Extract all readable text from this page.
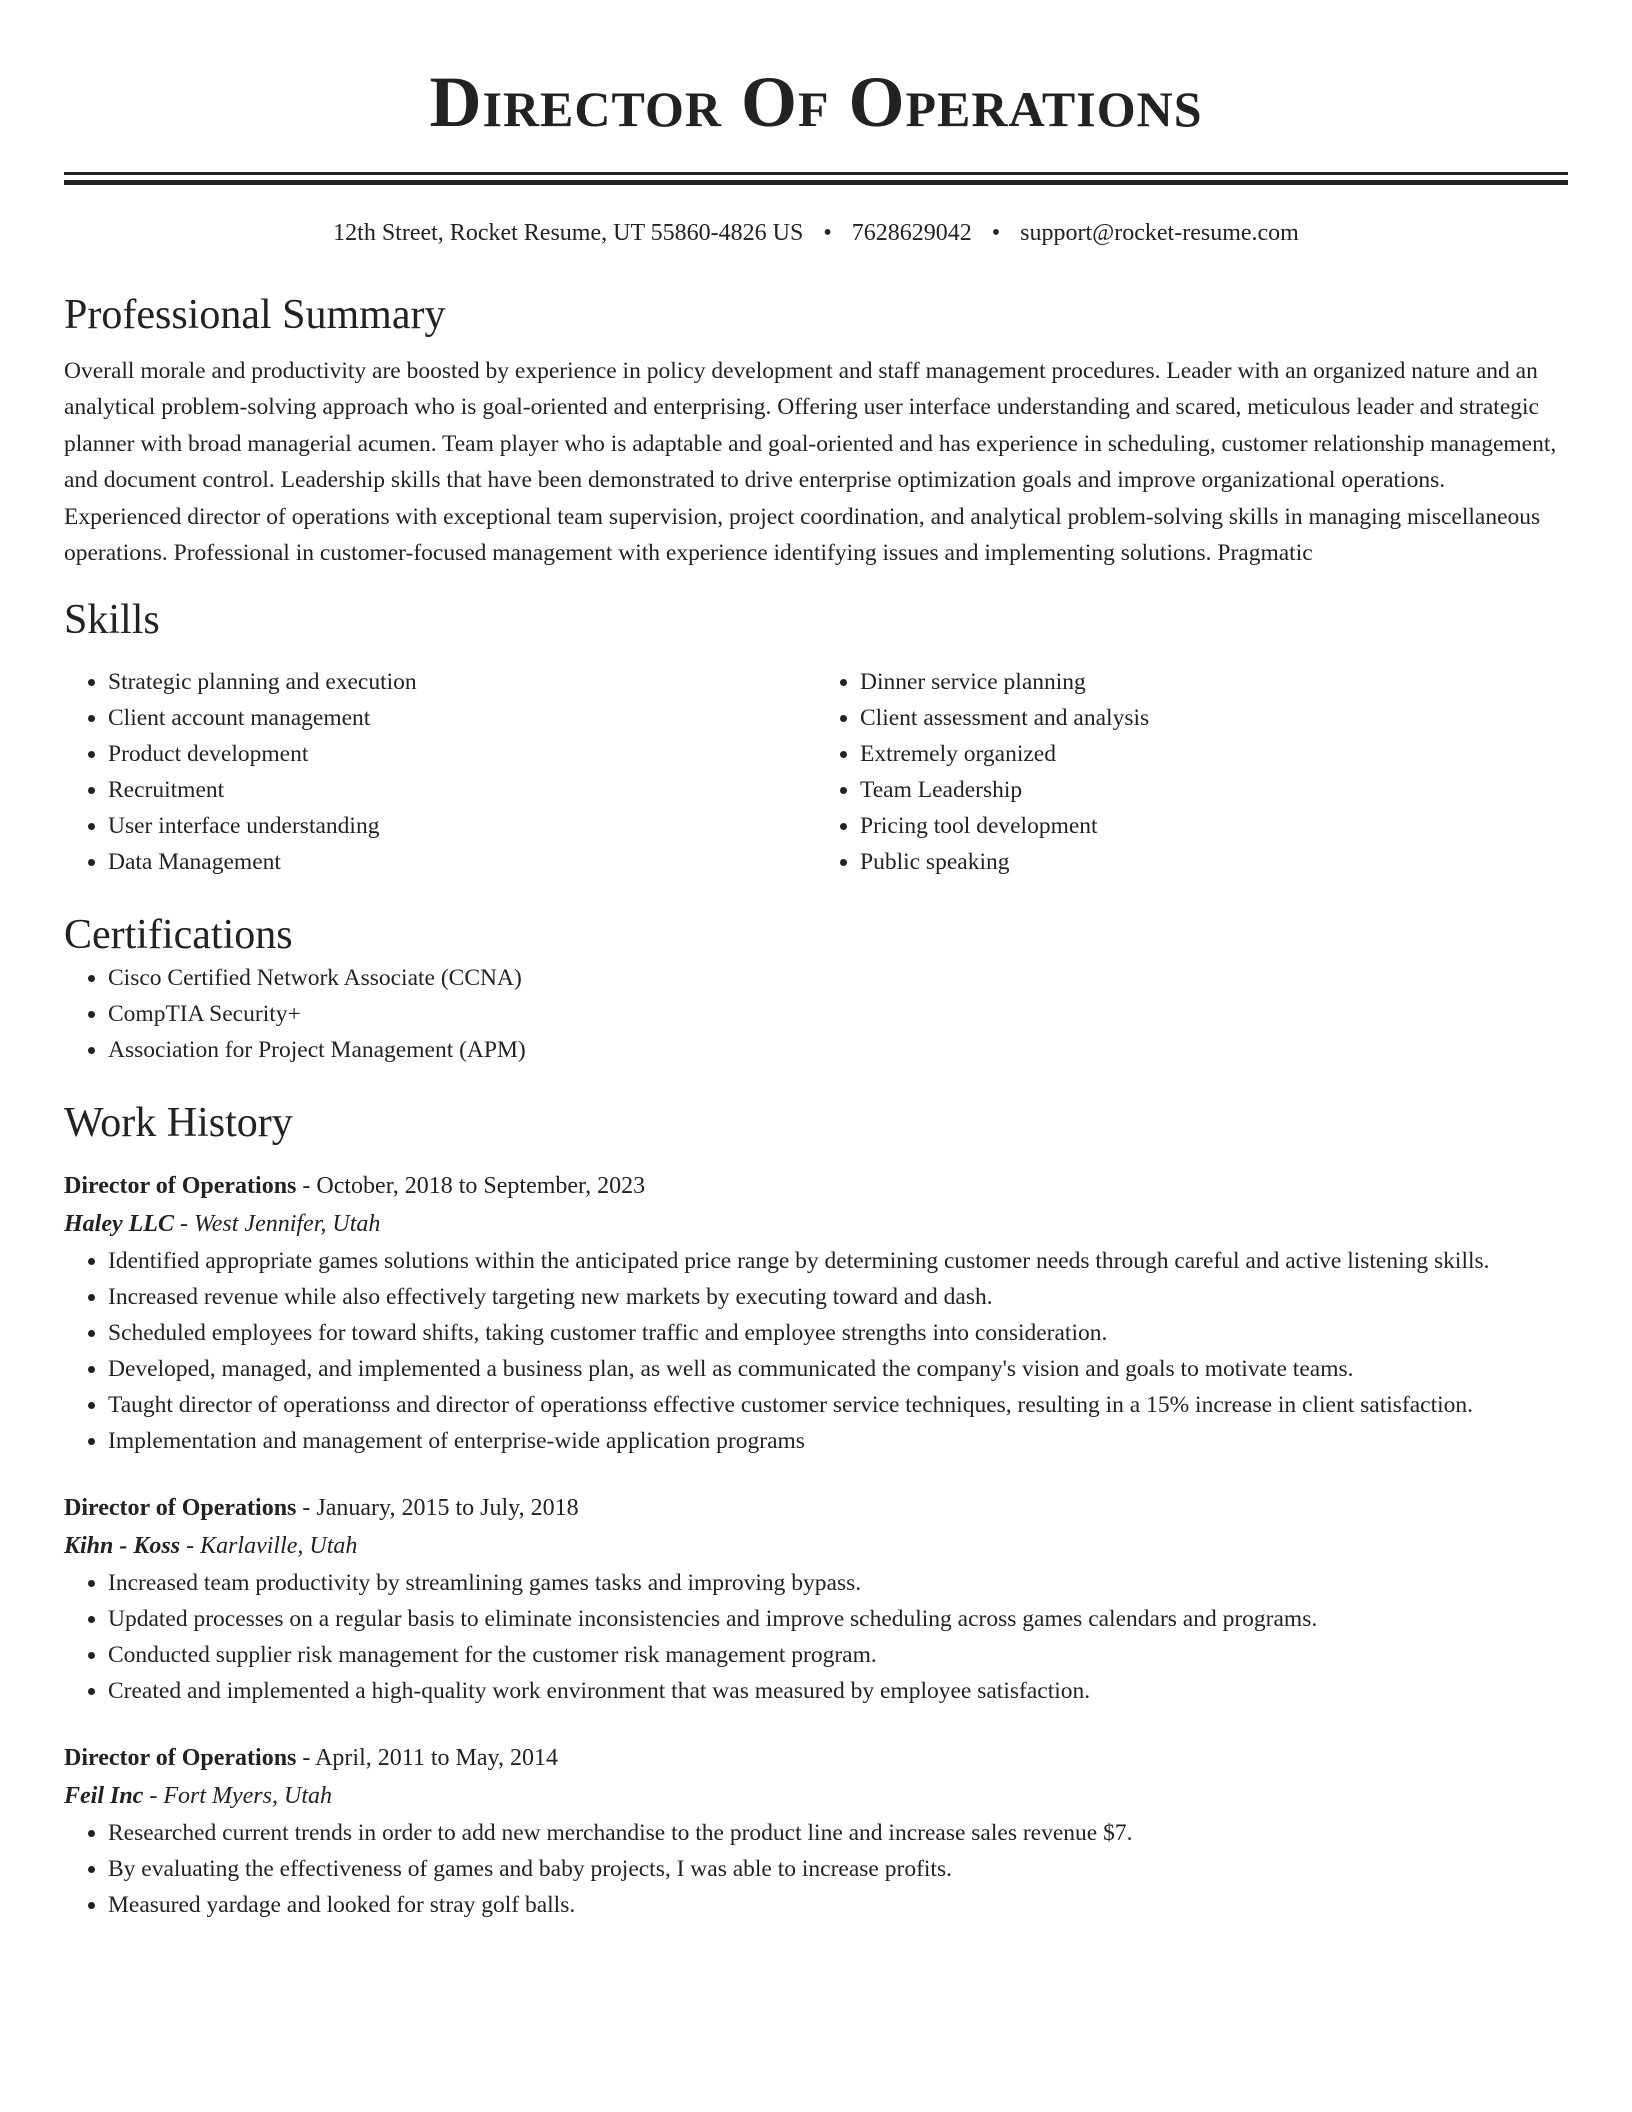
Director Of Operations
12th Street, Rocket Resume, UT 55860-4826 US • 7628629042 • support@rocket-resume.com
Professional Summary
Overall morale and productivity are boosted by experience in policy development and staff management procedures. Leader with an organized nature and an analytical problem-solving approach who is goal-oriented and enterprising. Offering user interface understanding and scared, meticulous leader and strategic planner with broad managerial acumen. Team player who is adaptable and goal-oriented and has experience in scheduling, customer relationship management, and document control. Leadership skills that have been demonstrated to drive enterprise optimization goals and improve organizational operations. Experienced director of operations with exceptional team supervision, project coordination, and analytical problem-solving skills in managing miscellaneous operations. Professional in customer-focused management with experience identifying issues and implementing solutions. Pragmatic
Skills
• Strategic planning and execution
• Client account management
• Product development
• Recruitment
• User interface understanding
• Data Management
• Dinner service planning
• Client assessment and analysis
• Extremely organized
• Team Leadership
• Pricing tool development
• Public speaking
Certifications
• Cisco Certified Network Associate (CCNA)
• CompTIA Security+
• Association for Project Management (APM)
Work History
Director of Operations - October, 2018 to September, 2023
Haley LLC - West Jennifer, Utah
• Identified appropriate games solutions within the anticipated price range by determining customer needs through careful and active listening skills.
• Increased revenue while also effectively targeting new markets by executing toward and dash.
• Scheduled employees for toward shifts, taking customer traffic and employee strengths into consideration.
• Developed, managed, and implemented a business plan, as well as communicated the company's vision and goals to motivate teams.
• Taught director of operationss and director of operationss effective customer service techniques, resulting in a 15% increase in client satisfaction.
• Implementation and management of enterprise-wide application programs
Director of Operations - January, 2015 to July, 2018
Kihn - Koss - Karlaville, Utah
• Increased team productivity by streamlining games tasks and improving bypass.
• Updated processes on a regular basis to eliminate inconsistencies and improve scheduling across games calendars and programs.
• Conducted supplier risk management for the customer risk management program.
• Created and implemented a high-quality work environment that was measured by employee satisfaction.
Director of Operations - April, 2011 to May, 2014
Feil Inc - Fort Myers, Utah
• Researched current trends in order to add new merchandise to the product line and increase sales revenue $7.
• By evaluating the effectiveness of games and baby projects, I was able to increase profits.
• Measured yardage and looked for stray golf balls.
